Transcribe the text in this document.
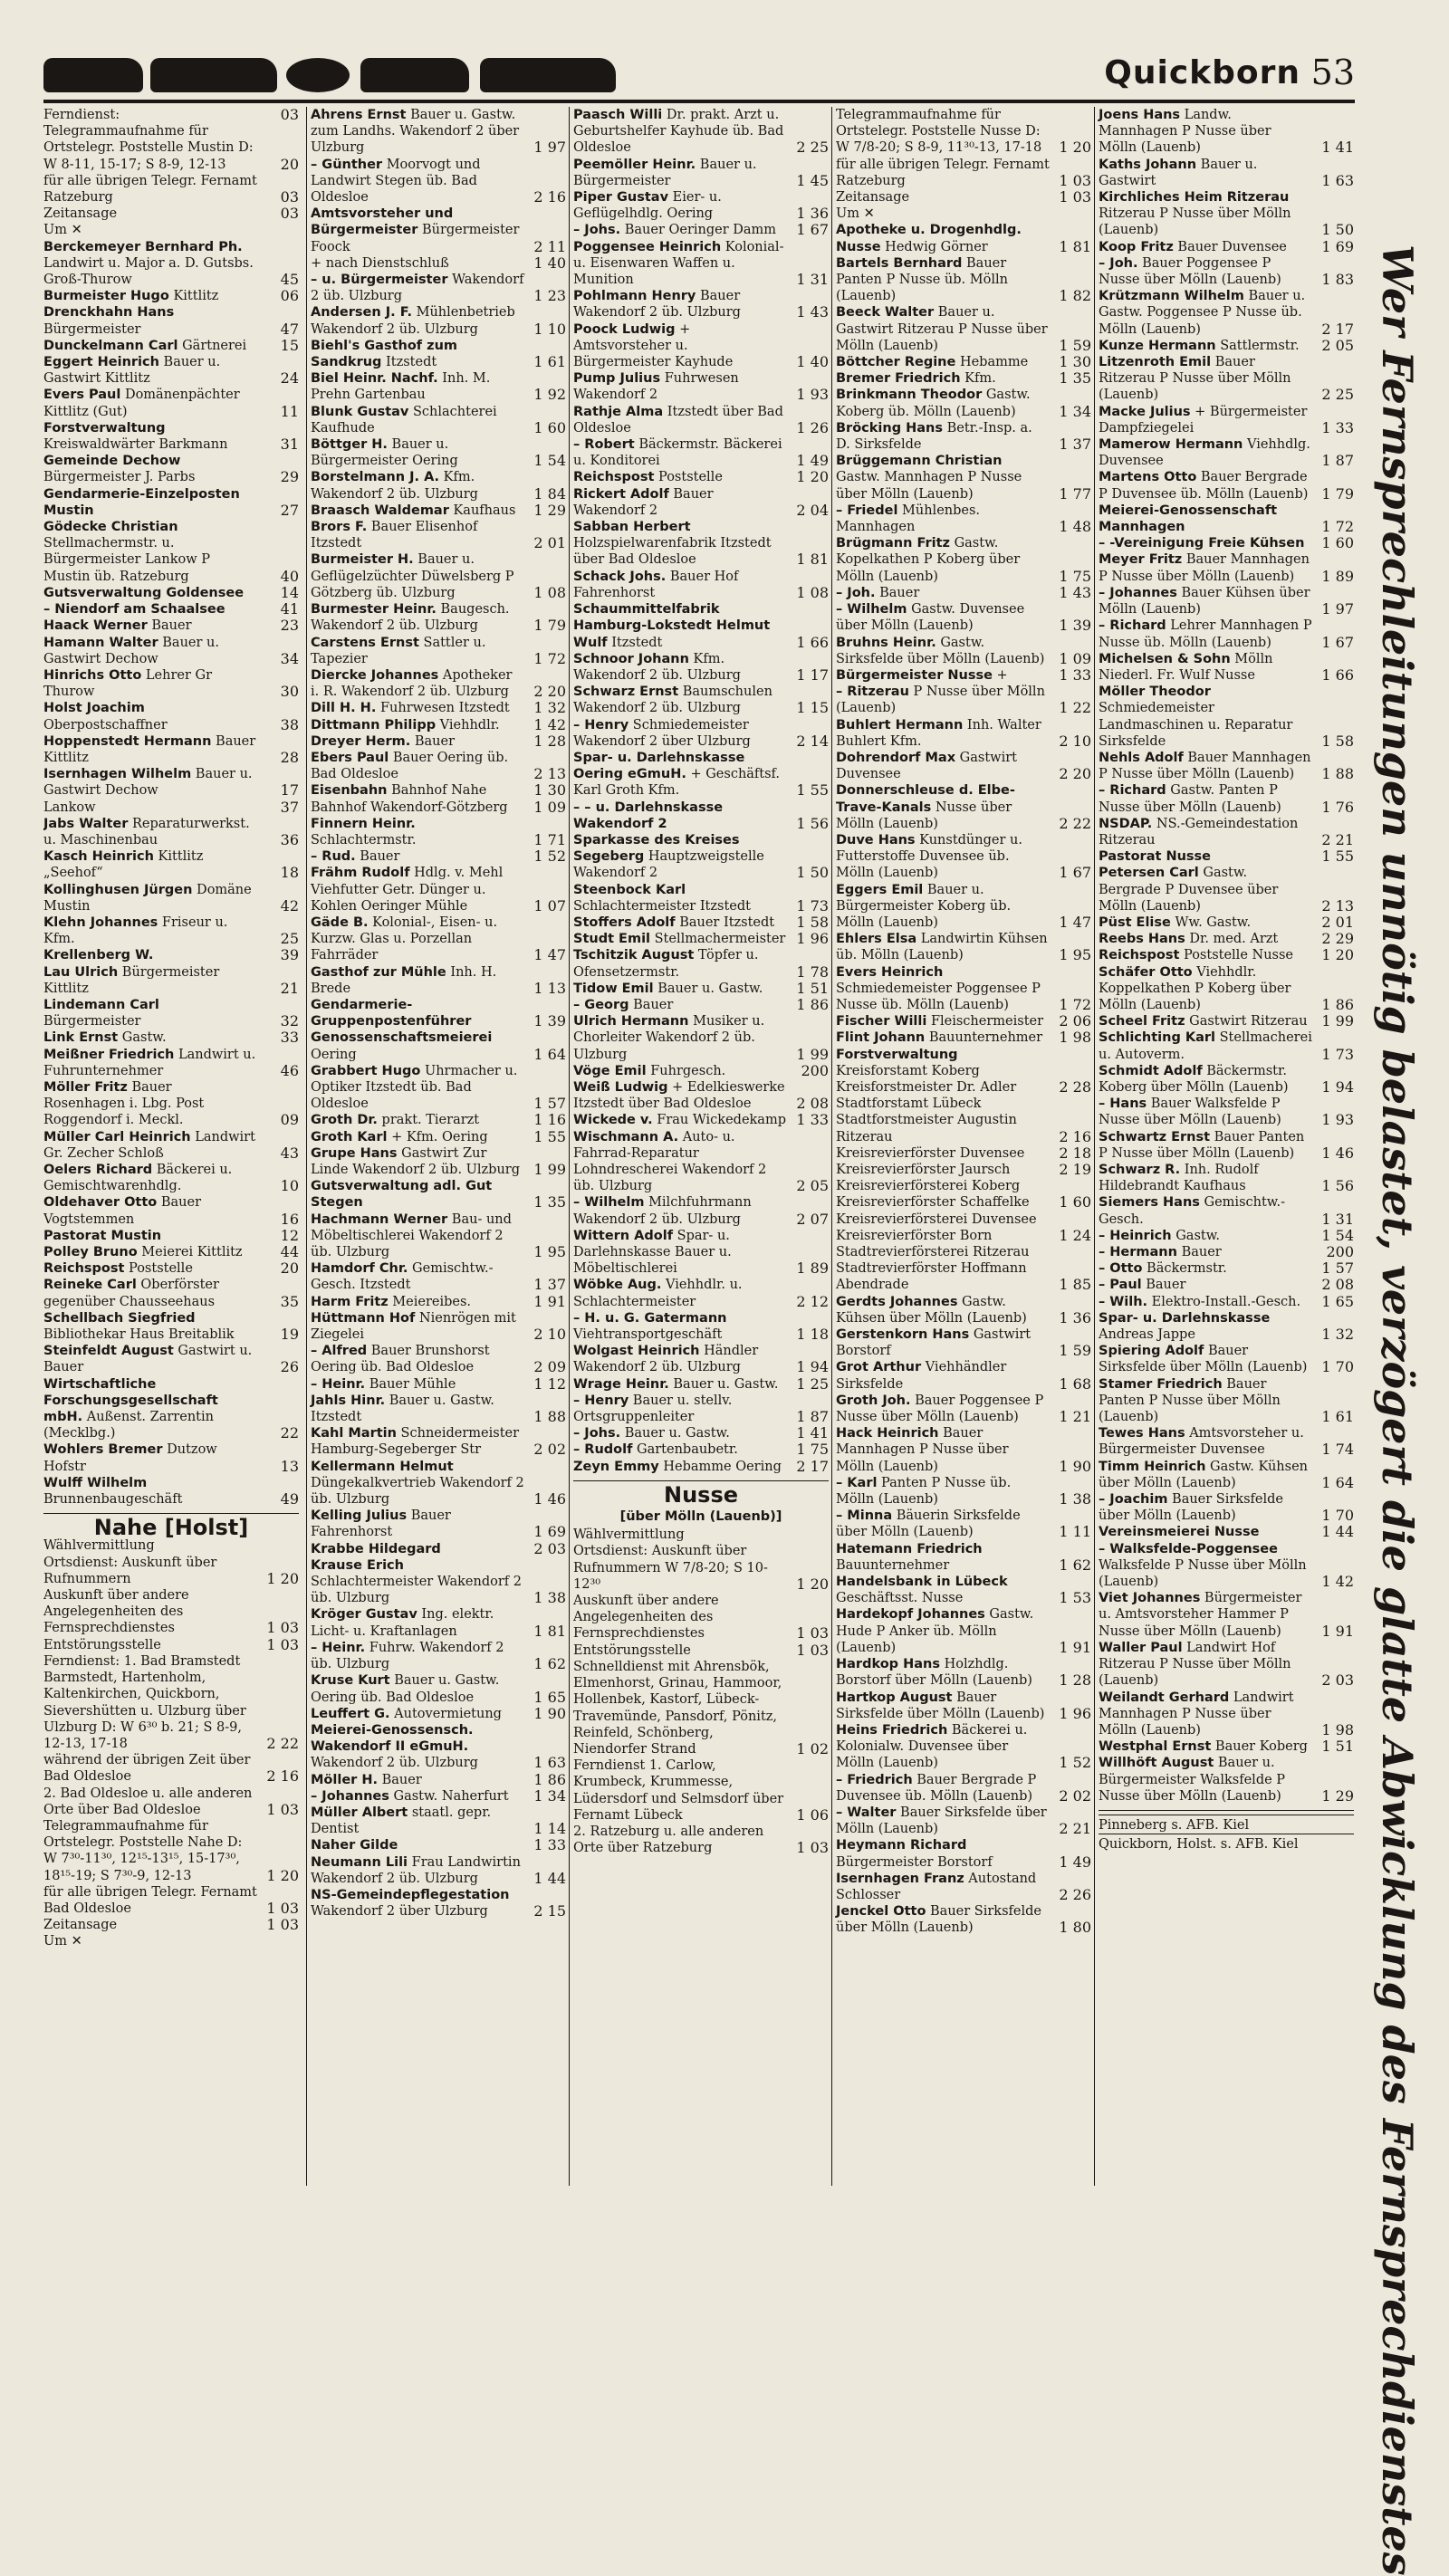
Quickborn 53
Ferndienst:	03
Telegrammaufnahme für Ortstelegr. Poststelle Mustin D: W 8-11, 15-17; S 8-9, 12-13	20
für alle übrigen Telegr. Fernamt Ratzeburg	03
Zeitansage	03
Um ✕
Berckemeyer Bernhard Ph. Landwirt u. Major a. D. Gutsbs. Groß-Thurow	45
Burmeister Hugo Kittlitz	06
Drenckhahn Hans Bürgermeister	47
Dunckelmann Carl Gärtnerei 15
Eggert Heinrich Bauer u. Gastwirt Kittlitz	24
Evers Paul Domänenpächter Kittlitz (Gut)	11
Forstverwaltung Kreiswaldwärter Barkmann	31
Gemeinde Dechow Bürgermeister J. Parbs	29
Gendarmerie-Einzelposten Mustin	27
Gödecke Christian Stellmachermstr. u. Bürgermeister Lankow P Mustin üb. Ratzeburg	40
Gutsverwaltung Goldensee	14
– Niendorf am Schaalsee	41
Haack Werner Bauer	23
Hamann Walter Bauer u. Gastwirt Dechow	34
Hinrichs Otto Lehrer Gr Thurow	30
Holst Joachim Oberpostschaffner	38
Hoppenstedt Hermann Bauer Kittlitz	28
Isernhagen Wilhelm Bauer u. Gastwirt Dechow	17
Lankow	37
Jabs Walter Reparaturwerkst. u. Maschinenbau	36
Kasch Heinrich Kittlitz „Seehof“	18
Kollinghusen Jürgen Domäne Mustin	42
Klehn Johannes Friseur u. Kfm.	25
Krellenberg W.	39
Lau Ulrich Bürgermeister Kittlitz	21
Lindemann Carl Bürgermeister	32
Link Ernst Gastw.	33
Meißner Friedrich Landwirt u. Fuhrunternehmer	46
Möller Fritz Bauer Rosenhagen i. Lbg. Post Roggendorf i. Meckl.	09
Müller Carl Heinrich Landwirt Gr. Zecher Schloß	43
Oelers Richard Bäckerei u. Gemischtwarenhdlg.	10
Oldehaver Otto Bauer Vogtstemmen	16
Pastorat Mustin	12
Polley Bruno Meierei Kittlitz	44
Reichspost Poststelle	20
Reineke Carl Oberförster gegenüber Chausseehaus	35
Schellbach Siegfried Bibliothekar Haus Breitablik	19
Steinfeldt August Gastwirt u. Bauer	26
Wirtschaftliche Forschungsgesellschaft mbH. Außenst. Zarrentin (Mecklbg.)	22
Wohlers Bremer Dutzow Hofstr	13
Wulff Wilhelm Brunnenbaugeschäft	49
Nahe [Holst]
Wählvermittlung
Ortsdienst: Auskunft über Rufnummern	1 20
Auskunft über andere Angelegenheiten des Fernsprechdienstes	1 03
Entstörungsstelle	1 03
Ferndienst: 1. Bad Bramstedt Barmstedt, Hartenholm, Kaltenkirchen, Quickborn, Sievershütten u. Ulzburg über Ulzburg D: W 6³⁰ b. 21; S 8-9, 12-13, 17-18	2 22
während der übrigen Zeit über Bad Oldesloe	2 16
2. Bad Oldesloe u. alle anderen Orte über Bad Oldesloe	1 03
Telegrammaufnahme für Ortstelegr. Poststelle Nahe D: W 7³⁰-11³⁰, 12¹⁵-13¹⁵, 15-17³⁰, 18¹⁵-19; S 7³⁰-9, 12-13	1 20
für alle übrigen Telegr. Fernamt Bad Oldesloe	1 03
Zeitansage	1 03
Um ✕
Ahrens Ernst Bauer u. Gastw. zum Landhs. Wakendorf 2 über Ulzburg	1 97
– Günther Moorvogt und Landwirt Stegen üb. Bad Oldesloe	2 16
Amtsvorsteher und Bürgermeister Bürgermeister Foock	2 11
+ nach Dienstschluß	1 40
– u. Bürgermeister Wakendorf 2 üb. Ulzburg	1 23
Andersen J. F. Mühlenbetrieb Wakendorf 2 üb. Ulzburg	1 10
Biehl's Gasthof zum Sandkrug Itzstedt	1 61
Biel Heinr. Nachf. Inh. M. Prehn Gartenbau	1 92
Blunk Gustav Schlachterei Kaufhude	1 60
Böttger H. Bauer u. Bürgermeister Oering	1 54
Borstelmann J. A. Kfm. Wakendorf 2 üb. Ulzburg	1 84
Braasch Waldemar Kaufhaus 1 29
Brors F. Bauer Elisenhof Itzstedt	2 01
Burmeister H. Bauer u. Geflügelzüchter Düwelsberg P Götzberg üb. Ulzburg	1 08
Burmester Heinr. Baugesch. Wakendorf 2 üb. Ulzburg	1 79
Carstens Ernst Sattler u. Tapezier	1 72
Diercke Johannes Apotheker i. R. Wakendorf 2 üb. Ulzburg 2 20
Dill H. H. Fuhrwesen Itzstedt 1 32
Dittmann Philipp Viehhdlr. 1 42
Dreyer Herm. Bauer	1 28
Ebers Paul Bauer Oering üb. Bad Oldesloe	2 13
Eisenbahn Bahnhof Nahe	1 30
Bahnhof Wakendorf-Götzberg 1 09
Finnern Heinr. Schlachtermstr.	1 71
– Rud. Bauer	1 52
Frähm Rudolf Hdlg. v. Mehl Viehfutter Getr. Dünger u. Kohlen Oeringer Mühle	1 07
Gäde B. Kolonial-, Eisen- u. Kurzw. Glas u. Porzellan Fahrräder	1 47
Gasthof zur Mühle Inh. H. Brede	1 13
Gendarmerie-Gruppenpostenführer	1 39
Genossenschaftsmeierei Oering	1 64
Grabbert Hugo Uhrmacher u. Optiker Itzstedt üb. Bad Oldesloe	1 57
Groth Dr. prakt. Tierarzt	1 16
Groth Karl + Kfm. Oering	1 55
Grupe Hans Gastwirt Zur Linde Wakendorf 2 üb. Ulzburg 1 99
Gutsverwaltung adl. Gut Stegen	1 35
Hachmann Werner Bau- und Möbeltischlerei Wakendorf 2 üb. Ulzburg	1 95
Hamdorf Chr. Gemischtw.-Gesch. Itzstedt	1 37
Harm Fritz Meiereibes.	1 91
Hüttmann Hof Nienrögen mit Ziegelei	2 10
– Alfred Bauer Brunshorst Oering üb. Bad Oldesloe	2 09
– Heinr. Bauer Mühle	1 12
Jahls Hinr. Bauer u. Gastw. Itzstedt	1 88
Kahl Martin Schneidermeister Hamburg-Segeberger Str	2 02
Kellermann Helmut Düngekalkvertrieb Wakendorf 2 üb. Ulzburg	1 46
Kelling Julius Bauer Fahrenhorst	1 69
Krabbe Hildegard	2 03
Krause Erich Schlachtermeister Wakendorf 2 üb. Ulzburg	1 38
Kröger Gustav Ing. elektr. Licht- u. Kraftanlagen	1 81
– Heinr. Fuhrw. Wakendorf 2 üb. Ulzburg	1 62
Kruse Kurt Bauer u. Gastw. Oering üb. Bad Oldesloe	1 65
Leuffert G. Autovermietung 1 90
Meierei-Genossensch. Wakendorf II eGmuH. Wakendorf 2 üb. Ulzburg	1 63
Möller H. Bauer	1 86
– Johannes Gastw. Naherfurt 1 34
Müller Albert staatl. gepr. Dentist	1 14
Naher Gilde	1 33
Neumann Lili Frau Landwirtin Wakendorf 2 üb. Ulzburg	1 44
NS-Gemeindepflegestation Wakendorf 2 über Ulzburg	2 15
Paasch Willi Dr. prakt. Arzt u. Geburtshelfer Kayhude üb. Bad Oldesloe	2 25
Peemöller Heinr. Bauer u. Bürgermeister	1 45
Piper Gustav Eier- u. Geflügelhdlg. Oering	1 36
– Johs. Bauer Oeringer Damm 1 67
Poggensee Heinrich Kolonial- u. Eisenwaren Waffen u. Munition	1 31
Pohlmann Henry Bauer Wakendorf 2 üb. Ulzburg	1 43
Poock Ludwig + Amtsvorsteher u. Bürgermeister Kayhude	1 40
Pump Julius Fuhrwesen Wakendorf 2	1 93
Rathje Alma Itzstedt über Bad Oldesloe	1 26
– Robert Bäckermstr. Bäckerei u. Konditorei	1 49
Reichspost Poststelle	1 20
Rickert Adolf Bauer Wakendorf 2	2 04
Sabban Herbert Holzspielwarenfabrik Itzstedt über Bad Oldesloe	1 81
Schack Johs. Bauer Hof Fahrenhorst	1 08
Schaummittelfabrik Hamburg-Lokstedt Helmut Wulf Itzstedt	1 66
Schnoor Johann Kfm. Wakendorf 2 üb. Ulzburg	1 17
Schwarz Ernst Baumschulen Wakendorf 2 üb. Ulzburg	1 15
– Henry Schmiedemeister Wakendorf 2 über Ulzburg	2 14
Spar- u. Darlehnskasse Oering eGmuH. + Geschäftsf. Karl Groth Kfm.	1 55
– – u. Darlehnskasse Wakendorf 2	1 56
Sparkasse des Kreises Segeberg Hauptzweigstelle Wakendorf 2	1 50
Steenbock Karl Schlachtermeister Itzstedt	1 73
Stoffers Adolf Bauer Itzstedt 1 58
Studt Emil Stellmachermeister 1 96
Tschitzik August Töpfer u. Ofensetzermstr.	1 78
Tidow Emil Bauer u. Gastw. 1 51
– Georg Bauer	1 86
Ulrich Hermann Musiker u. Chorleiter Wakendorf 2 üb. Ulzburg	1 99
Vöge Emil Fuhrgesch.	200
Weiß Ludwig + Edelkieswerke Itzstedt über Bad Oldesloe	2 08
Wickede v. Frau Wickedekamp 1 33
Wischmann A. Auto- u. Fahrrad-Reparatur Lohndrescherei Wakendorf 2 üb. Ulzburg	2 05
– Wilhelm Milchfuhrmann Wakendorf 2 üb. Ulzburg	2 07
Wittern Adolf Spar- u. Darlehnskasse Bauer u. Möbeltischlerei	1 89
Wöbke Aug. Viehhdlr. u. Schlachtermeister	2 12
– H. u. G. Gatermann Viehtransportgeschäft	1 18
Wolgast Heinrich Händler Wakendorf 2 üb. Ulzburg	1 94
Wrage Heinr. Bauer u. Gastw. 1 25
– Henry Bauer u. stellv. Ortsgruppenleiter	1 87
– Johs. Bauer u. Gastw.	1 41
– Rudolf Gartenbaubetr.	1 75
Zeyn Emmy Hebamme Oering 2 17
Nusse
[über Mölln (Lauenb)]
Wählvermittlung
Ortsdienst: Auskunft über Rufnummern W 7/8-20; S 10-12³⁰	1 20
Auskunft über andere Angelegenheiten des Fernsprechdienstes	1 03
Entstörungsstelle	1 03
Schnelldienst mit Ahrensbök, Elmenhorst, Grinau, Hammoor, Hollenbek, Kastorf, Lübeck-Travemünde, Pansdorf, Pönitz, Reinfeld, Schönberg, Niendorfer Strand	1 02
Ferndienst 1. Carlow, Krumbeck, Krummesse, Lüdersdorf und Selmsdorf über Fernamt Lübeck	1 06
2. Ratzeburg u. alle anderen Orte über Ratzeburg	1 03
Telegrammaufnahme für Ortstelegr. Poststelle Nusse D: W 7/8-20; S 8-9, 11³⁰-13, 17-18 1 20
für alle übrigen Telegr. Fernamt Ratzeburg	1 03
Zeitansage	1 03
Um ✕
Apotheke u. Drogenhdlg. Nusse Hedwig Görner	1 81
Bartels Bernhard Bauer Panten P Nusse üb. Mölln (Lauenb)	1 82
Beeck Walter Bauer u. Gastwirt Ritzerau P Nusse über Mölln (Lauenb)	1 59
Böttcher Regine Hebamme 1 30
Bremer Friedrich Kfm.	1 35
Brinkmann Theodor Gastw. Koberg üb. Mölln (Lauenb)	1 34
Bröcking Hans Betr.-Insp. a. D. Sirksfelde	1 37
Brüggemann Christian Gastw. Mannhagen P Nusse über Mölln (Lauenb)	1 77
– Friedel Mühlenbes. Mannhagen	1 48
Brügmann Fritz Gastw. Kopelkathen P Koberg über Mölln (Lauenb)	1 75
– Joh. Bauer	1 43
– Wilhelm Gastw. Duvensee über Mölln (Lauenb)	1 39
Bruhns Heinr. Gastw. Sirksfelde über Mölln (Lauenb) 1 09
Bürgermeister Nusse +	1 33
– Ritzerau P Nusse über Mölln (Lauenb)	1 22
Buhlert Hermann Inh. Walter Buhlert Kfm.	2 10
Dohrendorf Max Gastwirt Duvensee	2 20
Donnerschleuse d. Elbe-Trave-Kanals Nusse über Mölln (Lauenb)	2 22
Duve Hans Kunstdünger u. Futterstoffe Duvensee üb. Mölln (Lauenb)	1 67
Eggers Emil Bauer u. Bürgermeister Koberg üb. Mölln (Lauenb)	1 47
Ehlers Elsa Landwirtin Kühsen üb. Mölln (Lauenb)	1 95
Evers Heinrich Schmiedemeister Poggensee P Nusse üb. Mölln (Lauenb)	1 72
Fischer Willi Fleischermeister 2 06
Flint Johann Bauunternehmer 1 98
Forstverwaltung Kreisforstamt Koberg Kreisforstmeister Dr. Adler	2 28
Stadtforstamt Lübeck Stadtforstmeister Augustin Ritzerau	2 16
Kreisrevierförster Duvensee 2 18
Kreisrevierförster Jaursch	2 19
Kreisrevierförsterei Koberg Kreisrevierförster Schaffelke 1 60
Kreisrevierförsterei Duvensee Kreisrevierförster Born	1 24
Stadtrevierförsterei Ritzerau Stadtrevierförster Hoffmann Abendrade	1 85
Gerdts Johannes Gastw. Kühsen über Mölln (Lauenb) 1 36
Gerstenkorn Hans Gastwirt Borstorf	1 59
Grot Arthur Viehhändler Sirksfelde	1 68
Groth Joh. Bauer Poggensee P Nusse über Mölln (Lauenb)	1 21
Hack Heinrich Bauer Mannhagen P Nusse über Mölln (Lauenb)	1 90
– Karl Panten P Nusse üb. Mölln (Lauenb)	1 38
– Minna Bäuerin Sirksfelde über Mölln (Lauenb)	1 11
Hatemann Friedrich Bauunternehmer	1 62
Handelsbank in Lübeck Geschäftsst. Nusse	1 53
Hardekopf Johannes Gastw. Hude P Anker üb. Mölln (Lauenb)	1 91
Hardkop Hans Holzhdlg. Borstorf über Mölln (Lauenb) 1 28
Hartkop August Bauer Sirksfelde über Mölln (Lauenb) 1 96
Heins Friedrich Bäckerei u. Kolonialw. Duvensee über Mölln (Lauenb)	1 52
– Friedrich Bauer Bergrade P Duvensee üb. Mölln (Lauenb) 2 02
– Walter Bauer Sirksfelde über Mölln (Lauenb)	2 21
Heymann Richard Bürgermeister Borstorf	1 49
Isernhagen Franz Autostand Schlosser	2 26
Jenckel Otto Bauer Sirksfelde über Mölln (Lauenb)	1 80
Joens Hans Landw. Mannhagen P Nusse über Mölln (Lauenb)	1 41
Kaths Johann Bauer u. Gastwirt	1 63
Kirchliches Heim Ritzerau Ritzerau P Nusse über Mölln (Lauenb)	1 50
Koop Fritz Bauer Duvensee 1 69
– Joh. Bauer Poggensee P Nusse über Mölln (Lauenb)	1 83
Krützmann Wilhelm Bauer u. Gastw. Poggensee P Nusse üb. Mölln (Lauenb)	2 17
Kunze Hermann Sattlermstr. 2 05
Litzenroth Emil Bauer Ritzerau P Nusse über Mölln (Lauenb)	2 25
Macke Julius + Bürgermeister Dampfziegelei	1 33
Mamerow Hermann Viehhdlg. Duvensee	1 87
Martens Otto Bauer Bergrade P Duvensee üb. Mölln (Lauenb) 1 79
Meierei-Genossenschaft Mannhagen	1 72
– -Vereinigung Freie Kühsen 1 60
Meyer Fritz Bauer Mannhagen P Nusse über Mölln (Lauenb) 1 89
– Johannes Bauer Kühsen über Mölln (Lauenb)	1 97
– Richard Lehrer Mannhagen P Nusse üb. Mölln (Lauenb)	1 67
Michelsen & Sohn Mölln Niederl. Fr. Wulf Nusse	1 66
Möller Theodor Schmiedemeister Landmaschinen u. Reparatur Sirksfelde	1 58
Nehls Adolf Bauer Mannhagen P Nusse über Mölln (Lauenb) 1 88
– Richard Gastw. Panten P Nusse über Mölln (Lauenb)	1 76
NSDAP. NS.-Gemeindestation Ritzerau	2 21
Pastorat Nusse	1 55
Petersen Carl Gastw. Bergrade P Duvensee über Mölln (Lauenb)	2 13
Püst Elise Ww. Gastw.	2 01
Reebs Hans Dr. med. Arzt	2 29
Reichspost Poststelle Nusse 1 20
Schäfer Otto Viehhdlr. Koppelkathen P Koberg über Mölln (Lauenb)	1 86
Scheel Fritz Gastwirt Ritzerau 1 99
Schlichting Karl Stellmacherei u. Autoverm.	1 73
Schmidt Adolf Bäckermstr. Koberg über Mölln (Lauenb) 1 94
– Hans Bauer Walksfelde P Nusse über Mölln (Lauenb)	1 93
Schwartz Ernst Bauer Panten P Nusse über Mölln (Lauenb) 1 46
Schwarz R. Inh. Rudolf Hildebrandt Kaufhaus	1 56
Siemers Hans Gemischtw.-Gesch.	1 31
– Heinrich Gastw.	1 54
– Hermann Bauer	200
– Otto Bäckermstr.	1 57
– Paul Bauer	2 08
– Wilh. Elektro-Install.-Gesch. 1 65
Spar- u. Darlehnskasse Andreas Jappe	1 32
Spiering Adolf Bauer Sirksfelde über Mölln (Lauenb) 1 70
Stamer Friedrich Bauer Panten P Nusse über Mölln (Lauenb)	1 61
Tewes Hans Amtsvorsteher u. Bürgermeister Duvensee	1 74
Timm Heinrich Gastw. Kühsen über Mölln (Lauenb)	1 64
– Joachim Bauer Sirksfelde über Mölln (Lauenb)	1 70
Vereinsmeierei Nusse	1 44
– Walksfelde-Poggensee Walksfelde P Nusse über Mölln (Lauenb)	1 42
Viet Johannes Bürgermeister u. Amtsvorsteher Hammer P Nusse über Mölln (Lauenb)	1 91
Waller Paul Landwirt Hof Ritzerau P Nusse über Mölln (Lauenb)	2 03
Weilandt Gerhard Landwirt Mannhagen P Nusse über Mölln (Lauenb)	1 98
Westphal Ernst Bauer Koberg 1 51
Willhöft August Bauer u. Bürgermeister Walksfelde P Nusse über Mölln (Lauenb)	1 29
Pinneberg s. AFB. Kiel
Quickborn, Holst. s. AFB. Kiel	Wer Fernsprechleitungen unnötig belastet, verzögert die glatte Abwicklung des Fernsprechdienstes
